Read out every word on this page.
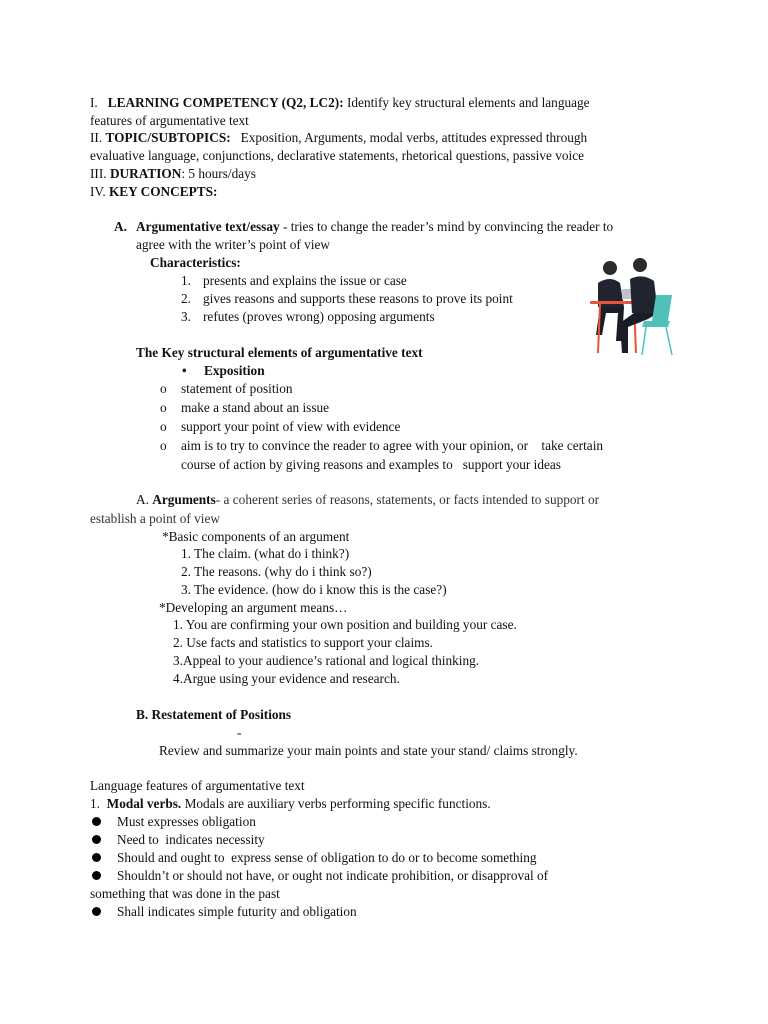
I. LEARNING COMPETENCY (Q2, LC2): Identify key structural elements and language
features of argumentative text
II. TOPIC/SUBTOPICS: Exposition, Arguments, modal verbs, attitudes expressed through
evaluative language, conjunctions, declarative statements, rhetorical questions, passive voice
III. DURATION: 5 hours/days
IV. KEY CONCEPTS:
A. Argumentative text/essay - tries to change the reader’s mind by convincing the reader to
agree with the writer’s point of view
Characteristics:
1. presents and explains the issue or case
2. gives reasons and supports these reasons to prove its point
3. refutes (proves wrong) opposing arguments
The Key structural elements of argumentative text
• Exposition
o statement of position
o make a stand about an issue
o support your point of view with evidence
o aim is to try to convince the reader to agree with your opinion, or    take certain
course of action by giving reasons and examples to   support your ideas
A. Arguments- a coherent series of reasons, statements, or facts intended to support or
establish a point of view
*Basic components of an argument
1. The claim. (what do i think?)
2. The reasons. (why do i think so?)
3. The evidence. (how do i know this is the case?)
*Developing an argument means…
1. You are confirming your own position and building your case.
2. Use facts and statistics to support your claims.
3.Appeal to your audience’s rational and logical thinking.
4.Argue using your evidence and research.
B. Restatement of Positions
-
Review and summarize your main points and state your stand/ claims strongly.
Language features of argumentative text
1. Modal verbs. Modals are auxiliary verbs performing specific functions.
Must expresses obligation
Need to  indicates necessity
Should and ought to  express sense of obligation to do or to become something
Shouldn’t or should not have, or ought not indicate prohibition, or disapproval of
something that was done in the past
Shall indicates simple futurity and obligation
